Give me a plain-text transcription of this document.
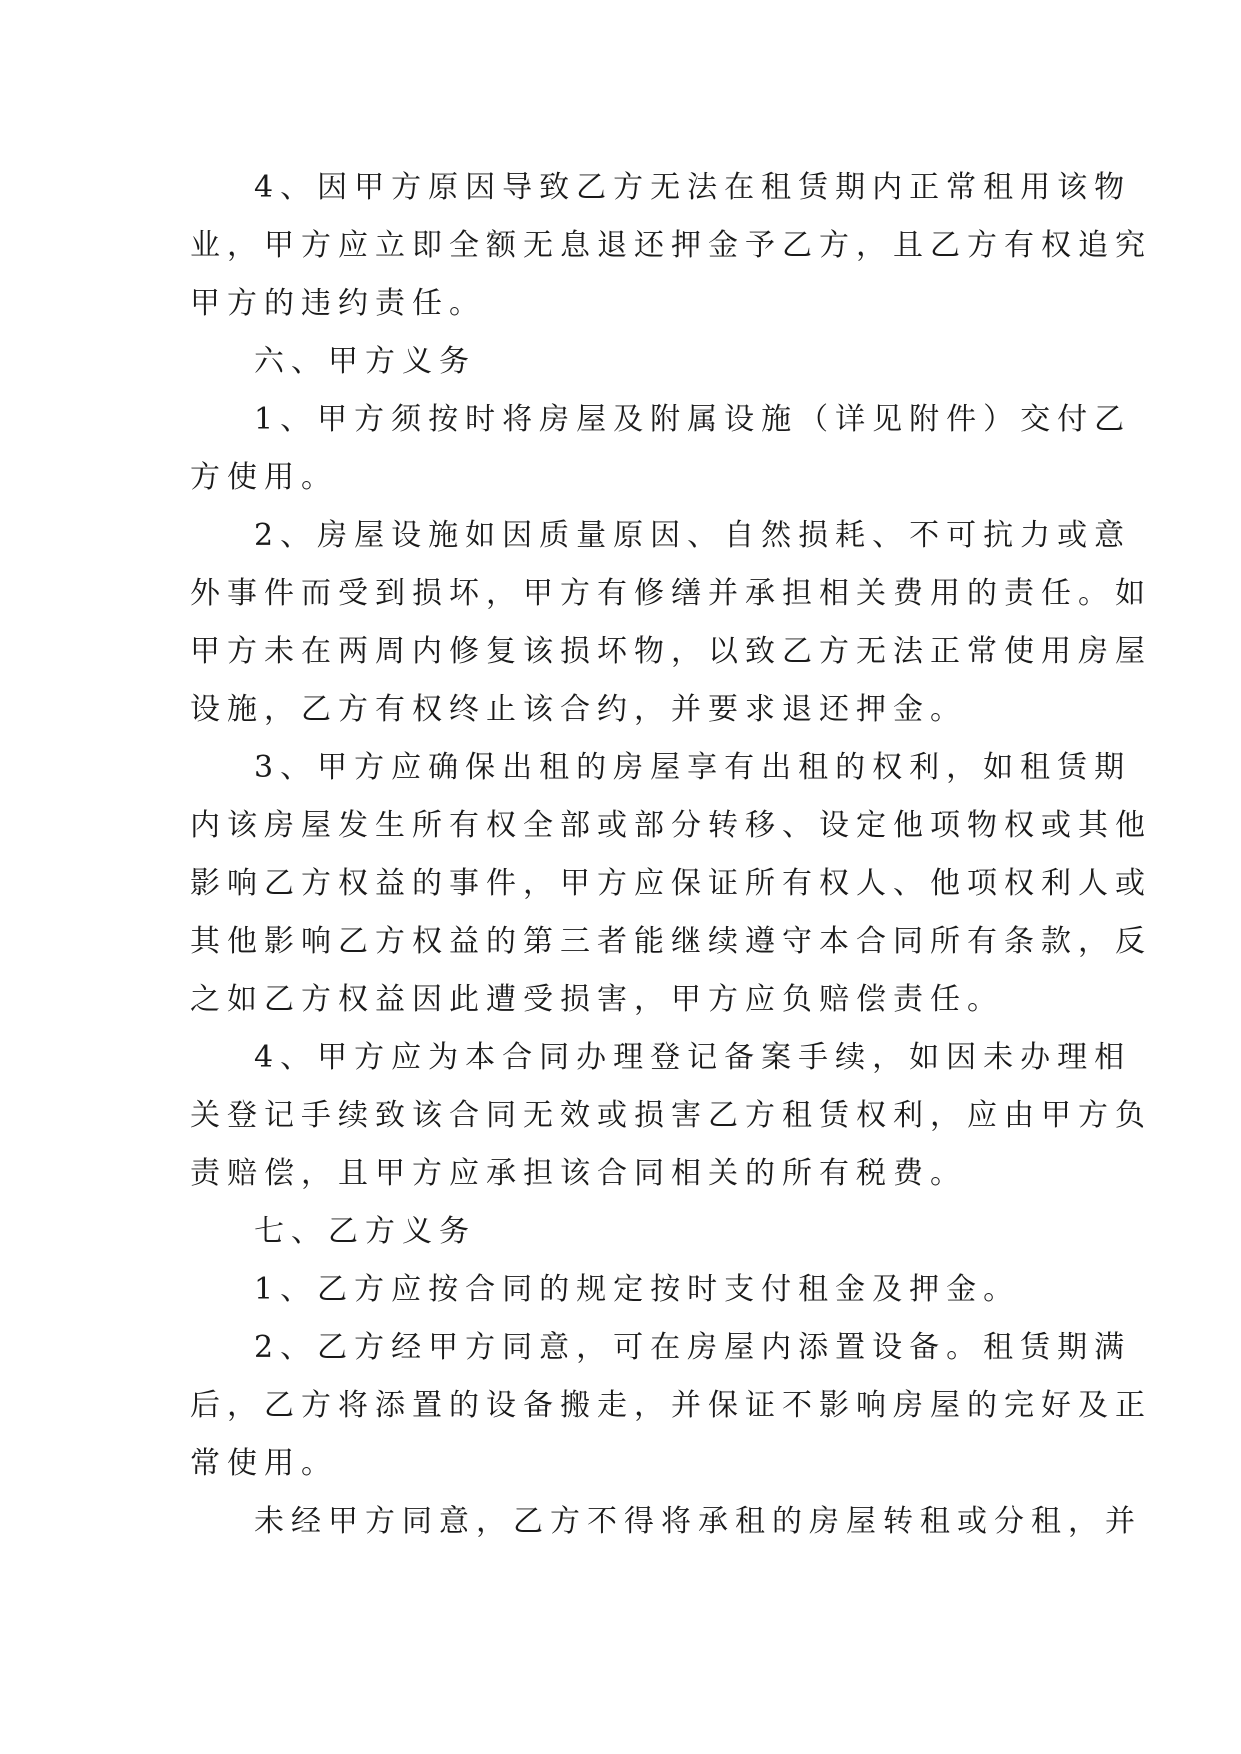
4 、 因 甲 方 原 因 导 致 乙 方 无 法 在 租 赁 期 内 正 常 租 用 该 物
业 ， 甲 方 应 立 即 全 额 无 息 退 还 押 金 予 乙 方 ， 且 乙 方 有 权 追 究
甲方的违约责任。
六、甲方义务
1 、 甲 方 须 按 时 将 房 屋 及 附 属 设 施 （ 详 见 附 件 ） 交 付 乙
方使用。
2 、 房 屋 设 施 如 因 质 量 原 因 、 自 然 损 耗 、 不 可 抗 力 或 意
外 事 件 而 受 到 损 坏 ， 甲 方 有 修 缮 并 承 担 相 关 费 用 的 责 任 。 如
甲 方 未 在 两 周 内 修 复 该 损 坏 物 ， 以 致 乙 方 无 法 正 常 使 用 房 屋
设施，乙方有权终止该合约，并要求退还押金。
3 、 甲 方 应 确 保 出 租 的 房 屋 享 有 出 租 的 权 利 ， 如 租 赁 期
内 该 房 屋 发 生 所 有 权 全 部 或 部 分 转 移 、 设 定 他 项 物 权 或 其 他
影 响 乙 方 权 益 的 事 件 ， 甲 方 应 保 证 所 有 权 人 、 他 项 权 利 人 或
其 他 影 响 乙 方 权 益 的 第 三 者 能 继 续 遵 守 本 合 同 所 有 条 款 ， 反
之如乙方权益因此遭受损害，甲方应负赔偿责任。
4 、 甲 方 应 为 本 合 同 办 理 登 记 备 案 手 续 ， 如 因 未 办 理 相
关 登 记 手 续 致 该 合 同 无 效 或 损 害 乙 方 租 赁 权 利 ， 应 由 甲 方 负
责赔偿，且甲方应承担该合同相关的所有税费。
七、乙方义务
1、乙方应按合同的规定按时支付租金及押金。
2 、 乙 方 经 甲 方 同 意 ， 可 在 房 屋 内 添 置 设 备 。 租 赁 期 满
后 ， 乙 方 将 添 置 的 设 备 搬 走 ， 并 保 证 不 影 响 房 屋 的 完 好 及 正
常使用。
未 经 甲 方 同 意 ， 乙 方 不 得 将 承 租 的 房 屋 转 租 或 分 租 ， 并
